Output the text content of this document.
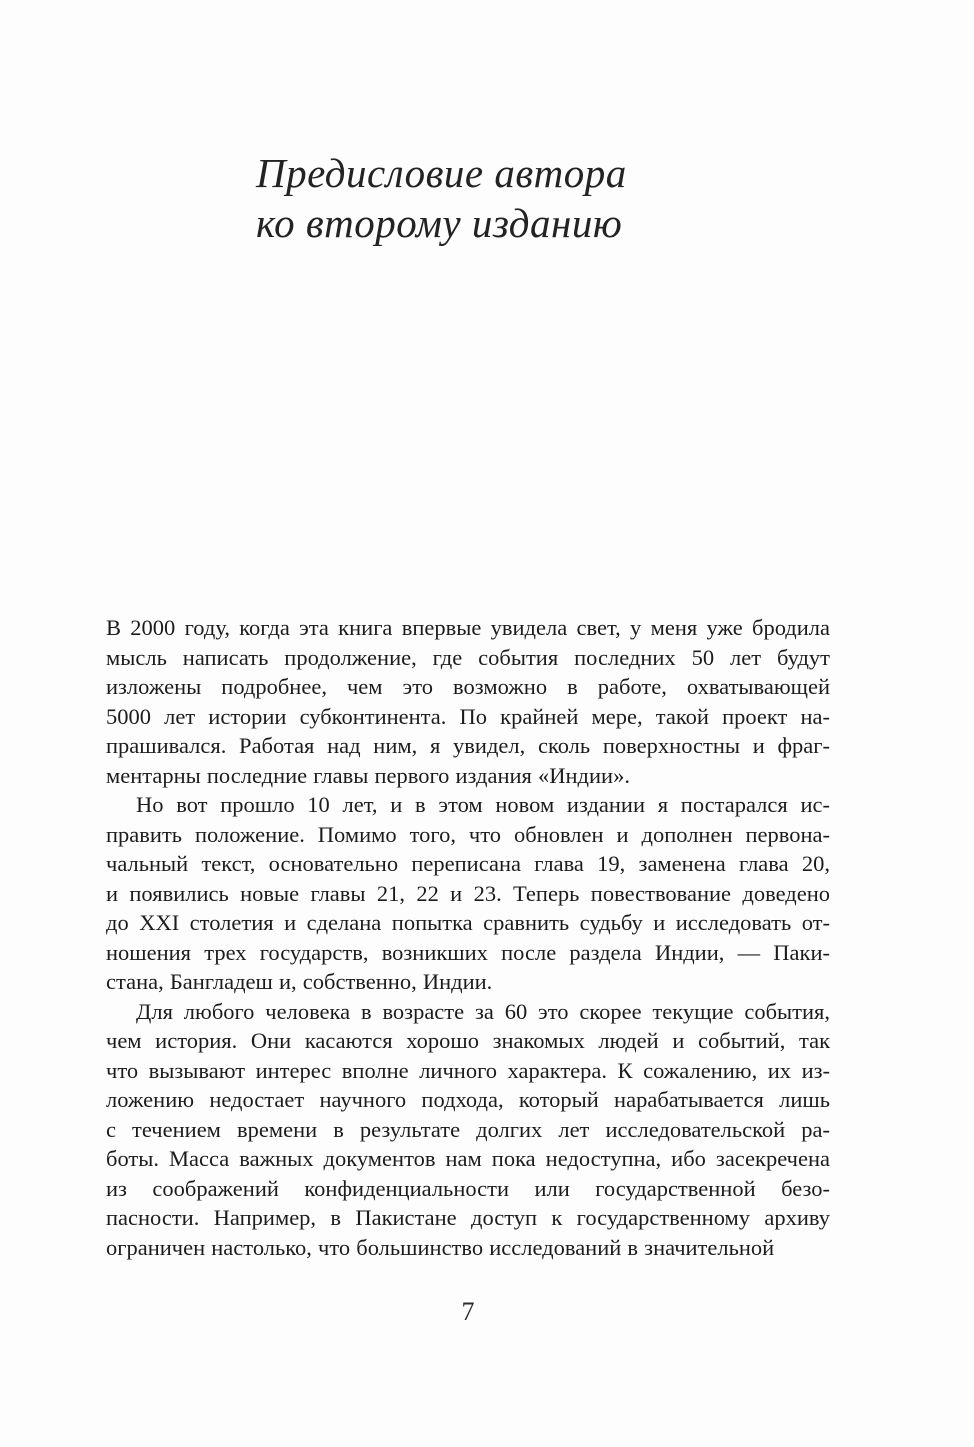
Предисловие автора
ко второму изданию
В 2000 году, когда эта книга впервые увидела свет, у меня уже бродила
мысль написать продолжение, где события последних 50 лет будут
изложены подробнее, чем это возможно в работе, охватывающей
5000 лет истории субконтинента. По крайней мере, такой проект на-
прашивался. Работая над ним, я увидел, сколь поверхностны и фраг-
ментарны последние главы первого издания «Индии».
Но вот прошло 10 лет, и в этом новом издании я постарался ис-
править положение. Помимо того, что обновлен и дополнен первона-
чальный текст, основательно переписана глава 19, заменена глава 20,
и появились новые главы 21, 22 и 23. Теперь повествование доведено
до XXI столетия и сделана попытка сравнить судьбу и исследовать от-
ношения трех государств, возникших после раздела Индии, — Паки-
стана, Бангладеш и, собственно, Индии.
Для любого человека в возрасте за 60 это скорее текущие события,
чем история. Они касаются хорошо знакомых людей и событий, так
что вызывают интерес вполне личного характера. К сожалению, их из-
ложению недостает научного подхода, который нарабатывается лишь
с течением времени в результате долгих лет исследовательской ра-
боты. Масса важных документов нам пока недоступна, ибо засекречена
из соображений конфиденциальности или государственной безо-
пасности. Например, в Пакистане доступ к государственному архиву
ограничен настолько, что большинство исследований в значительной
7
